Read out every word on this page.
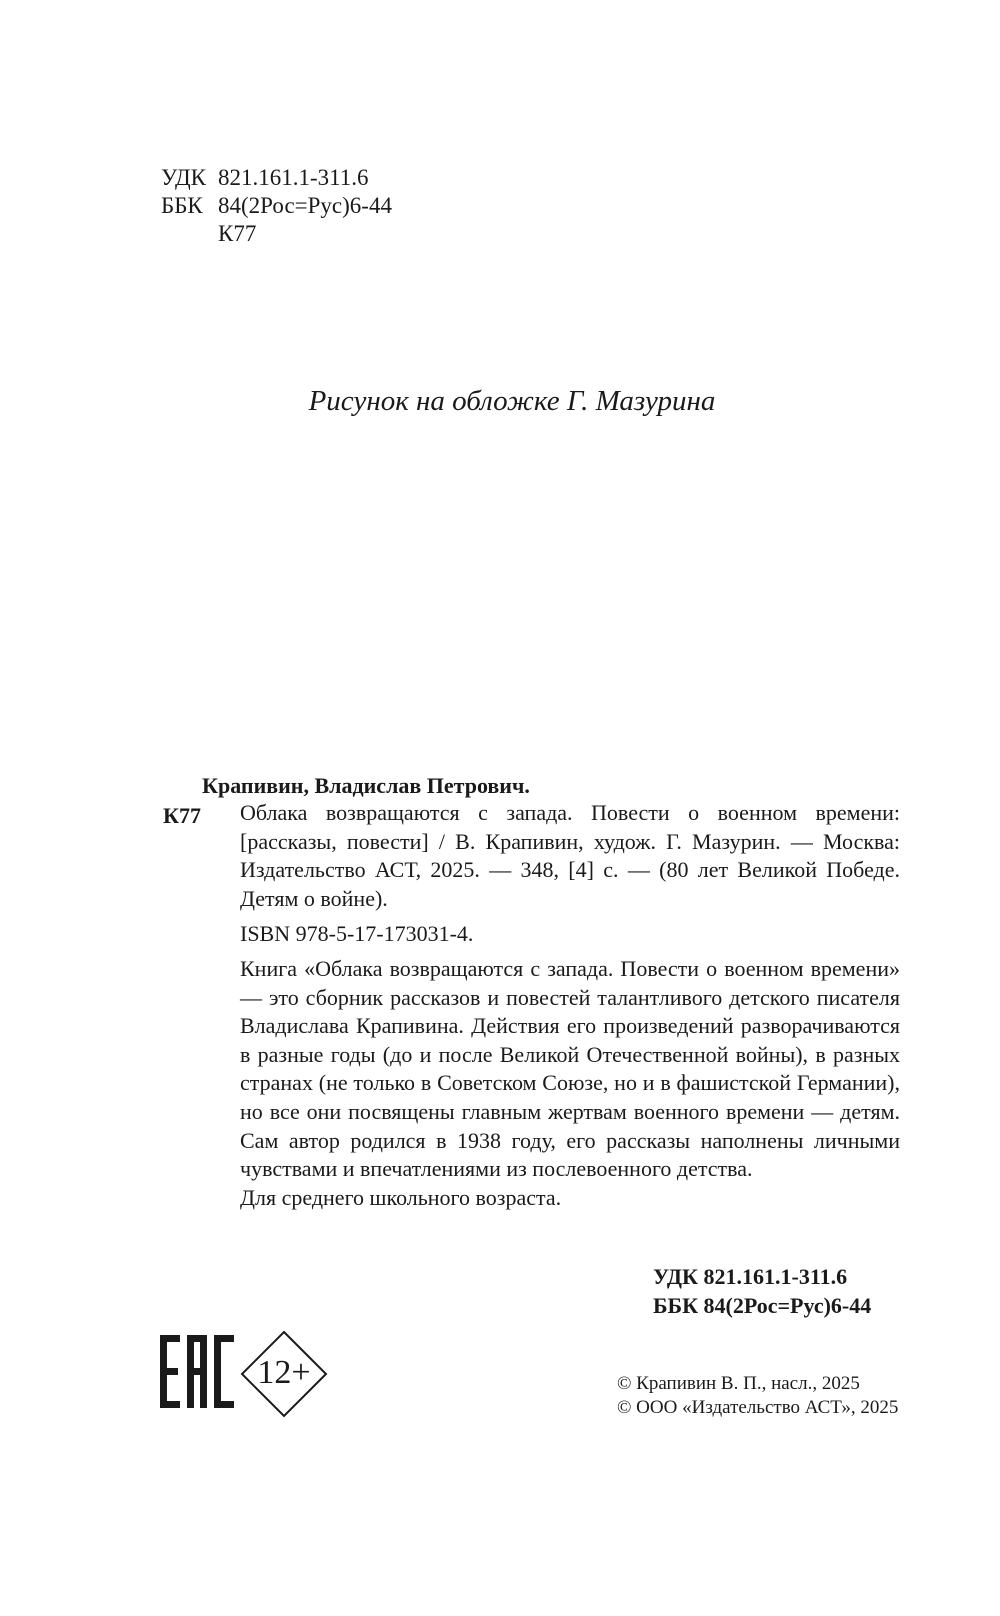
УДК 821.161.1-311.6
ББК 84(2Рос=Рус)6-44
К77
Рисунок на обложке Г. Мазурина
Крапивин, Владислав Петрович.
К77 Облака возвращаются с запада. Повести о военном времени: [рассказы, повести] / В. Крапивин, худож. Г. Мазурин. — Москва: Издательство АСТ, 2025. — 348, [4] с. — (80 лет Великой Победе. Детям о войне).

ISBN 978-5-17-173031-4.

Книга «Облака возвращаются с запада. Повести о военном времени» — это сборник рассказов и повестей талантливого детского писателя Владислава Крапивина. Действия его произведений разворачиваются в разные годы (до и после Великой Отечественной войны), в разных странах (не только в Советском Союзе, но и в фашистской Германии), но все они посвящены главным жертвам военного времени — детям. Сам автор родился в 1938 году, его рассказы наполнены личными чувствами и впечатлениями из послевоенного детства.

Для среднего школьного возраста.

УДК 821.161.1-311.6
ББК 84(2Рос=Рус)6-44
12+	© Крапивин В. П., насл., 2025
© ООО «Издательство АСТ», 2025
